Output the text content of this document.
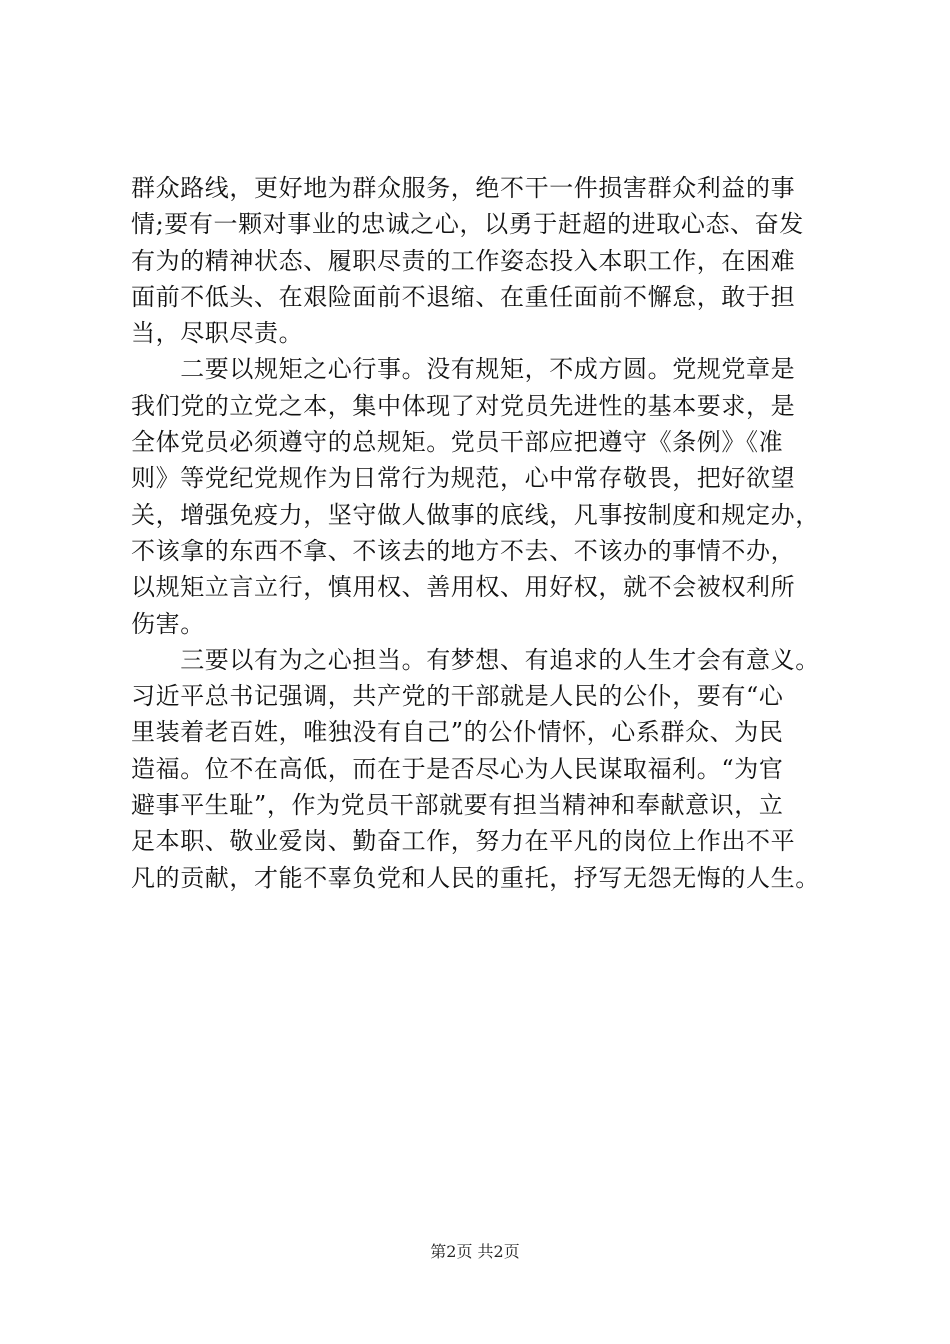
群众路线，更好地为群众服务，绝不干一件损害群众利益的事
情;要有一颗对事业的忠诚之心，以勇于赶超的进取心态、奋发
有为的精神状态、履职尽责的工作姿态投入本职工作，在困难
面前不低头、在艰险面前不退缩、在重任面前不懈怠，敢于担
当，尽职尽责。
　　二要以规矩之心行事。没有规矩，不成方圆。党规党章是
我们党的立党之本，集中体现了对党员先进性的基本要求，是
全体党员必须遵守的总规矩。党员干部应把遵守《条例》《准
则》等党纪党规作为日常行为规范，心中常存敬畏，把好欲望
关，增强免疫力，坚守做人做事的底线，凡事按制度和规定办，
不该拿的东西不拿、不该去的地方不去、不该办的事情不办，
以规矩立言立行，慎用权、善用权、用好权，就不会被权利所
伤害。
　　三要以有为之心担当。有梦想、有追求的人生才会有意义。
习近平总书记强调，共产党的干部就是人民的公仆，要有“心
里装着老百姓，唯独没有自己”的公仆情怀，心系群众、为民
造福。位不在高低，而在于是否尽心为人民谋取福利。“为官
避事平生耻”，作为党员干部就要有担当精神和奉献意识，立
足本职、敬业爱岗、勤奋工作，努力在平凡的岗位上作出不平
凡的贡献，才能不辜负党和人民的重托，抒写无怨无悔的人生。
第2页 共2页
